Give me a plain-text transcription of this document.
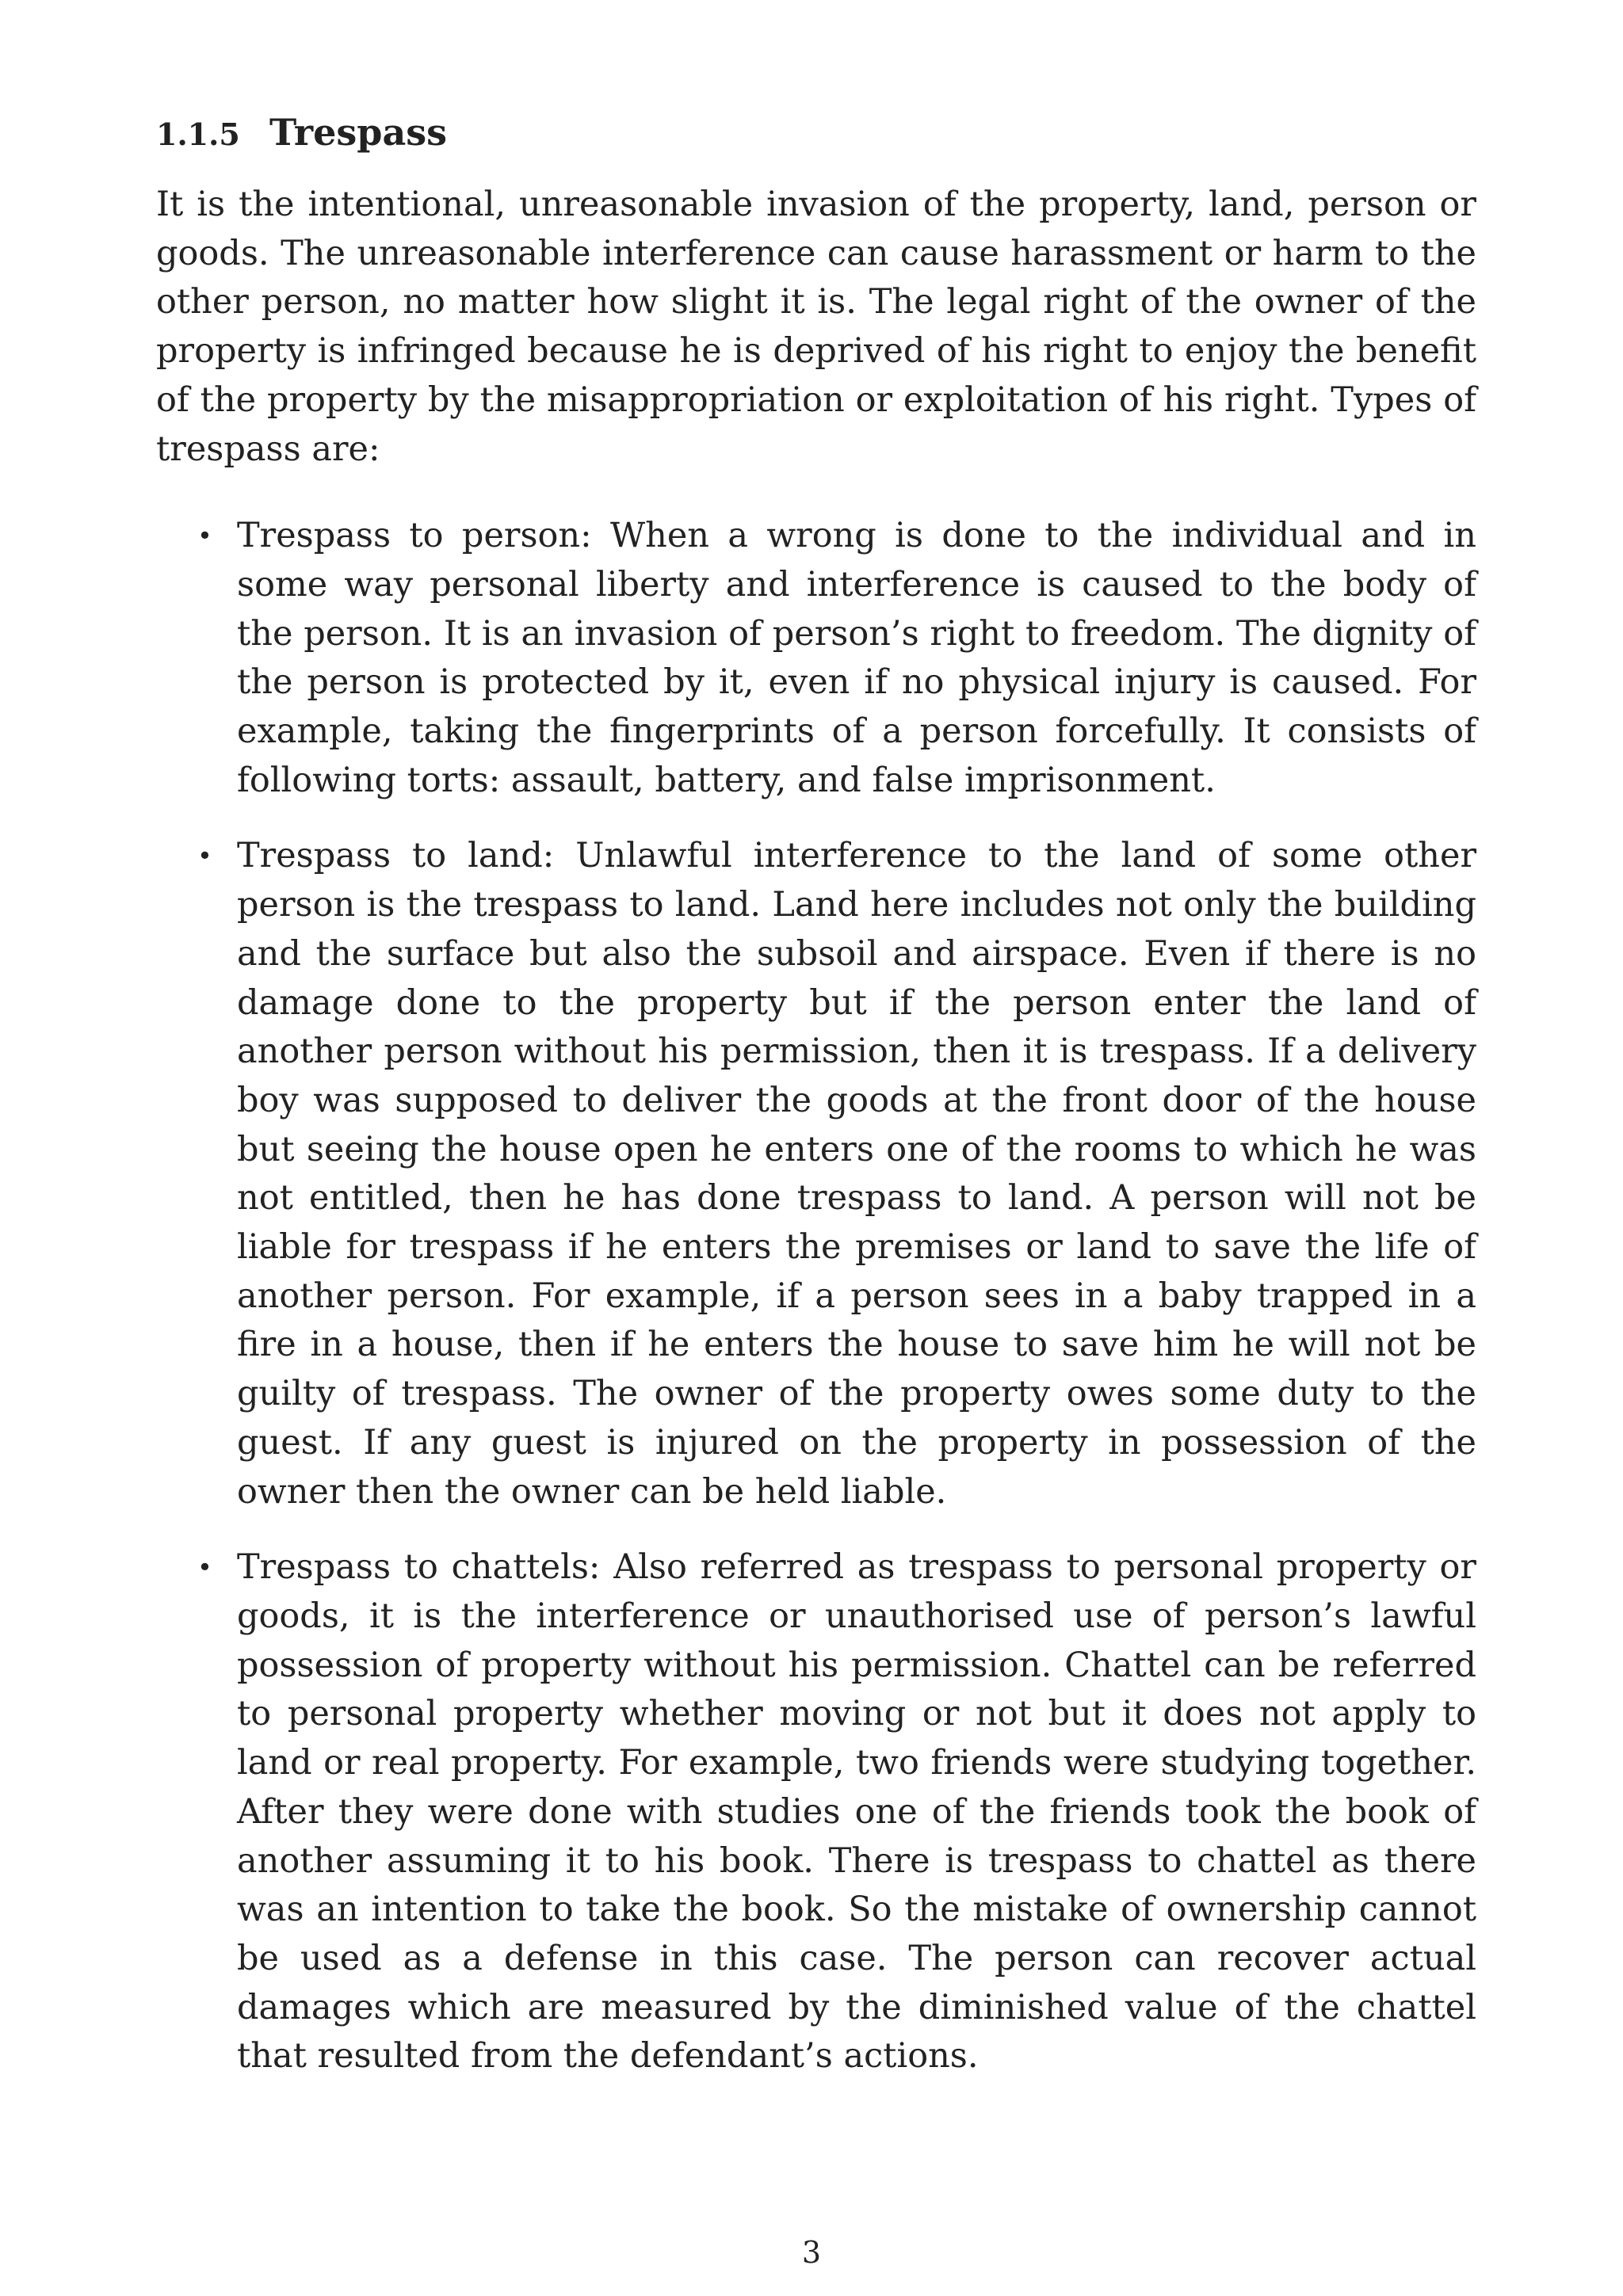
1.1.5 Trespass

It is the intentional, unreasonable invasion of the property, land, person or goods. The unreasonable interference can cause harassment or harm to the other person, no matter how slight it is. The legal right of the owner of the property is infringed because he is deprived of his right to enjoy the benefit of the property by the misappropriation or exploitation of his right. Types of trespass are:

• Trespass to person: When a wrong is done to the individual and in some way personal liberty and interference is caused to the body of the person. It is an invasion of person’s right to freedom. The dignity of the person is protected by it, even if no physical injury is caused. For example, taking the fingerprints of a person forcefully. It consists of following torts: assault, battery, and false imprisonment.
• Trespass to land: Unlawful interference to the land of some other person is the trespass to land. Land here includes not only the building and the surface but also the subsoil and airspace. Even if there is no damage done to the property but if the person enter the land of another person without his permission, then it is trespass. If a delivery boy was supposed to deliver the goods at the front door of the house but seeing the house open he enters one of the rooms to which he was not entitled, then he has done trespass to land. A person will not be liable for trespass if he enters the premises or land to save the life of another person. For example, if a person sees in a baby trapped in a fire in a house, then if he enters the house to save him he will not be guilty of trespass. The owner of the property owes some duty to the guest. If any guest is injured on the property in possession of the owner then the owner can be held liable.
• Trespass to chattels: Also referred as trespass to personal property or goods, it is the interference or unauthorised use of person’s lawful possession of property without his permission. Chattel can be referred to personal property whether moving or not but it does not apply to land or real property. For example, two friends were studying together. After they were done with studies one of the friends took the book of another assuming it to his book. There is trespass to chattel as there was an intention to take the book. So the mistake of ownership cannot be used as a defense in this case. The person can recover actual damages which are measured by the diminished value of the chattel that resulted from the defendant’s actions.
3
